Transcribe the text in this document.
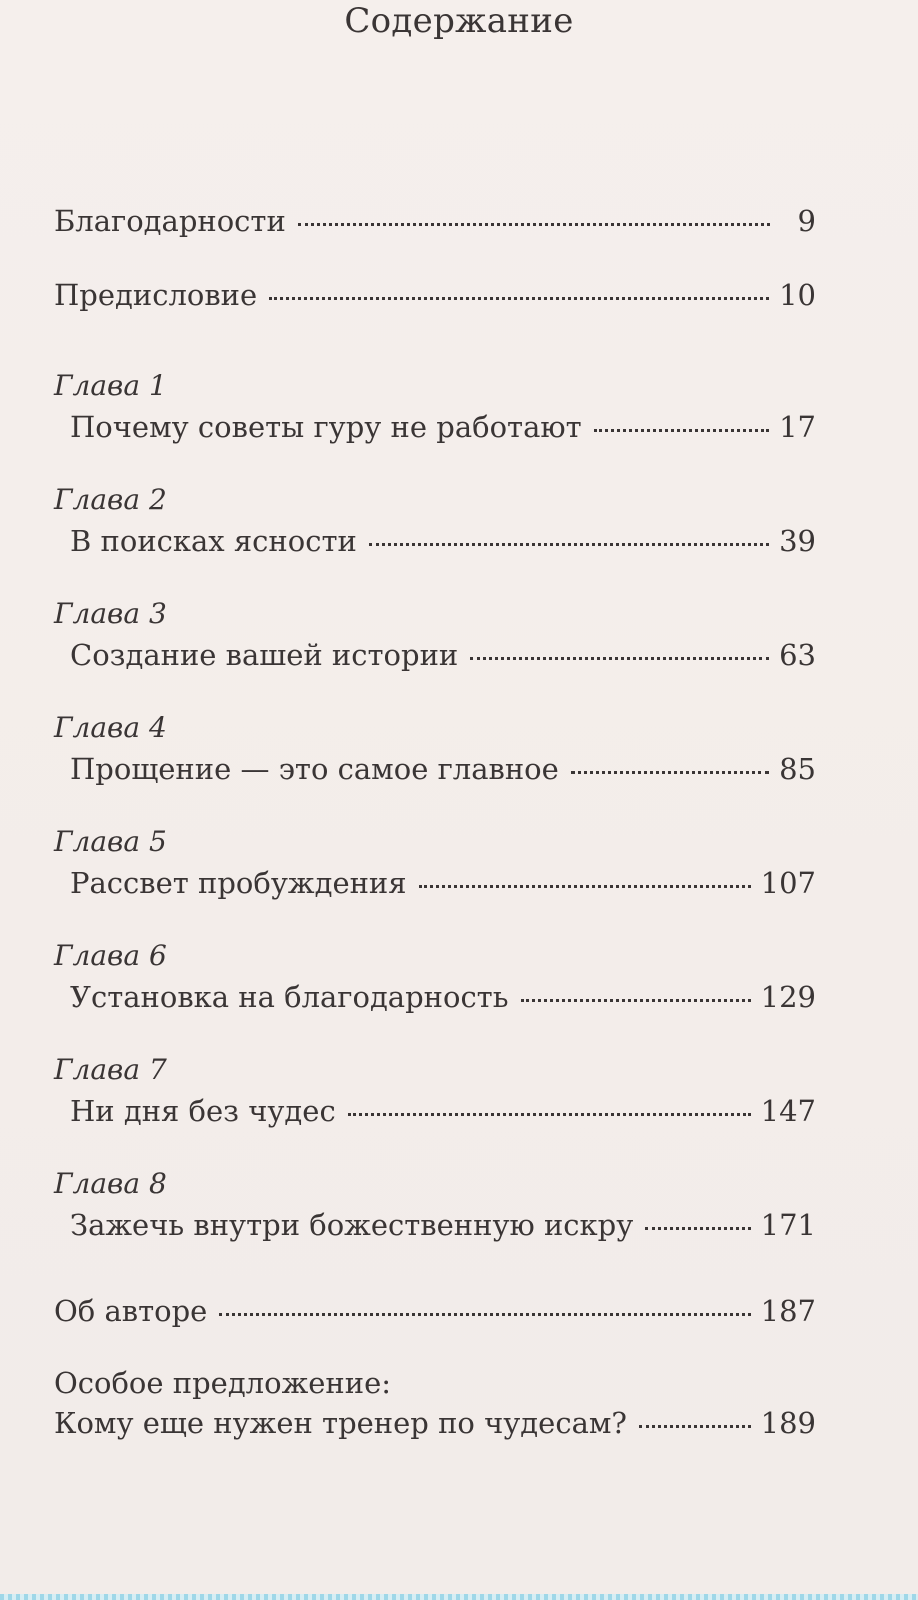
Содержание
Благодарности	9
Предисловие	10
Глава 1
Почему советы гуру не работают	17
Глава 2
В поисках ясности	39
Глава 3
Создание вашей истории	63
Глава 4
Прощение — это самое главное	85
Глава 5
Рассвет пробуждения	107
Глава 6
Установка на благодарность	129
Глава 7
Ни дня без чудес	147
Глава 8
Зажечь внутри божественную искру	171
Об авторе	187
Особое предложение:
Кому еще нужен тренер по чудесам?	189
